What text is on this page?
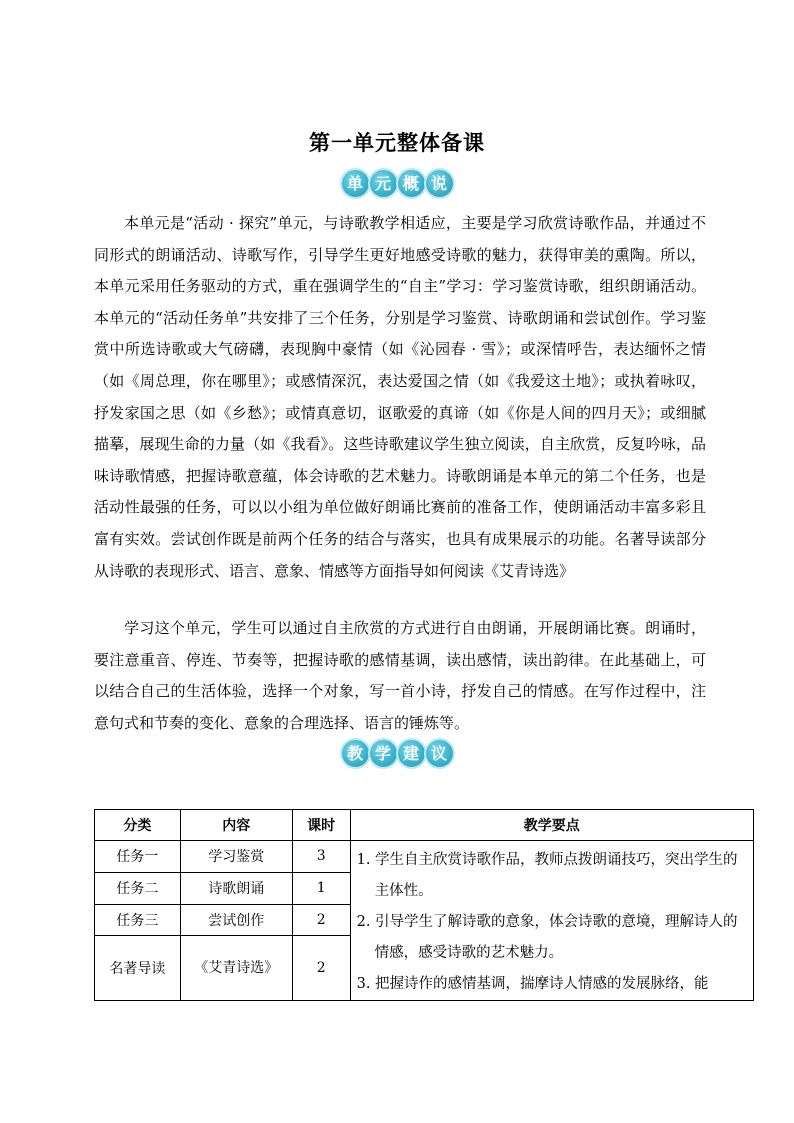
第一单元整体备课
单 元 概 说

本单元是“活动 · 探究”单元，与诗歌教学相适应，主要是学习欣赏诗歌作品，并通过不同形式的朗诵活动、诗歌写作，引导学生更好地感受诗歌的魅力，获得审美的熏陶。所以，本单元采用任务驱动的方式，重在强调学生的“自主”学习：学习鉴赏诗歌，组织朗诵活动。本单元的“活动任务单”共安排了三个任务，分别是学习鉴赏、诗歌朗诵和尝试创作。学习鉴赏中所选诗歌或大气磅礴，表现胸中豪情（如《沁园春 · 雪》；或深情呼告，表达缅怀之情（如《周总理，你在哪里》；或感情深沉，表达爱国之情（如《我爱这土地》；或执着咏叹，抒发家国之思（如《乡愁》；或情真意切，讴歌爱的真谛（如《你是人间的四月天》；或细腻描摹，展现生命的力量（如《我看》。这些诗歌建议学生独立阅读，自主欣赏，反复吟咏，品味诗歌情感，把握诗歌意蕴，体会诗歌的艺术魅力。诗歌朗诵是本单元的第二个任务，也是活动性最强的任务，可以以小组为单位做好朗诵比赛前的准备工作，使朗诵活动丰富多彩且富有实效。尝试创作既是前两个任务的结合与落实，也具有成果展示的功能。名著导读部分从诗歌的表现形式、语言、意象、情感等方面指导如何阅读《艾青诗选》

学习这个单元，学生可以通过自主欣赏的方式进行自由朗诵，开展朗诵比赛。朗诵时，要注意重音、停连、节奏等，把握诗歌的感情基调，读出感情，读出韵律。在此基础上，可以结合自己的生活体验，选择一个对象，写一首小诗，抒发自己的情感。在写作过程中，注意句式和节奏的变化、意象的合理选择、语言的锤炼等。

教 学 建 议
分类	内容	课时	教学要点
任务一	学习鉴赏	3	1. 学生自主欣赏诗歌作品，教师点拨朗诵技巧，突出学生的主体性。
2. 引导学生了解诗歌的意象，体会诗歌的意境，理解诗人的情感，感受诗歌的艺术魅力。
3. 把握诗作的感情基调，揣摩诗人情感的发展脉络，能

任务二	诗歌朗诵	1	
任务三	尝试创作	2	
名著导读	《艾青诗选》	2	
